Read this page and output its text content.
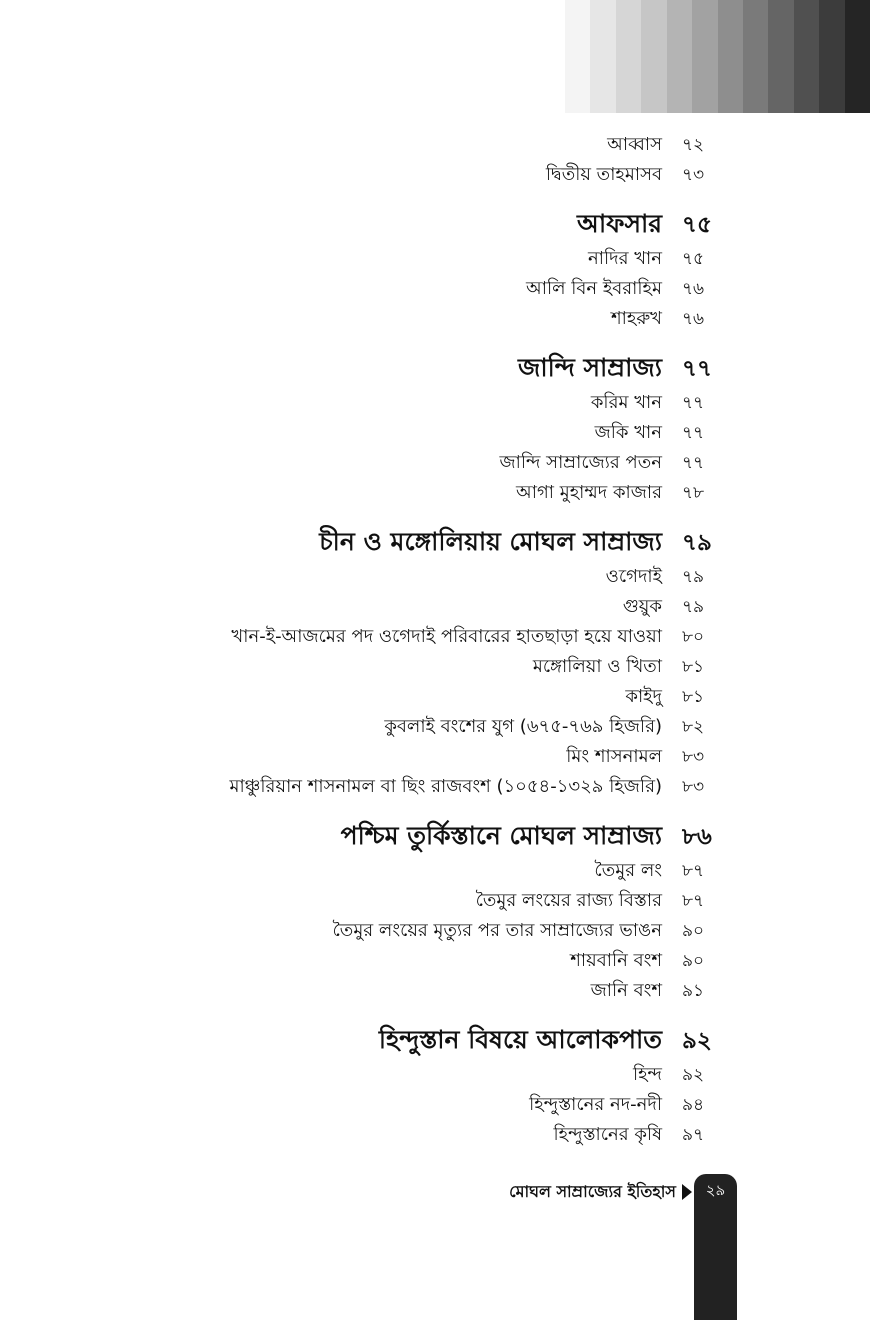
আব্বাস ৭২
দ্বিতীয় তাহমাসব ৭৩
আফসার ৭৫
নাদির খান ৭৫
আলি বিন ইবরাহিম ৭৬
শাহরুখ ৭৬
জান্দি সাম্রাজ্য ৭৭
করিম খান ৭৭
জকি খান ৭৭
জান্দি সাম্রাজ্যের পতন ৭৭
আগা মুহাম্মদ কাজার ৭৮
চীন ও মঙ্গোলিয়ায় মোঘল সাম্রাজ্য ৭৯
ওগেদাই ৭৯
গুয়ুক ৭৯
খান-ই-আজমের পদ ওগেদাই পরিবারের হাতছাড়া হয়ে যাওয়া ৮০
মঙ্গোলিয়া ও খিতা ৮১
কাইদু ৮১
কুবলাই বংশের যুগ (৬৭৫-৭৬৯ হিজরি) ৮২
মিং শাসনামল ৮৩
মাঞ্চুরিয়ান শাসনামল বা ছিং রাজবংশ (১০৫৪-১৩২৯ হিজরি) ৮৩
পশ্চিম তুর্কিস্তানে মোঘল সাম্রাজ্য ৮৬
তৈমুর লং ৮৭
তৈমুর লংয়ের রাজ্য বিস্তার ৮৭
তৈমুর লংয়ের মৃত্যুর পর তার সাম্রাজ্যের ভাঙন ৯০
শায়বানি বংশ ৯০
জানি বংশ ৯১
হিন্দুস্তান বিষয়ে আলোকপাত ৯২
হিন্দ ৯২
হিন্দুস্তানের নদ-নদী ৯৪
হিন্দুস্তানের কৃষি ৯৭
মোঘল সাম্রাজ্যের ইতিহাস	২৯
